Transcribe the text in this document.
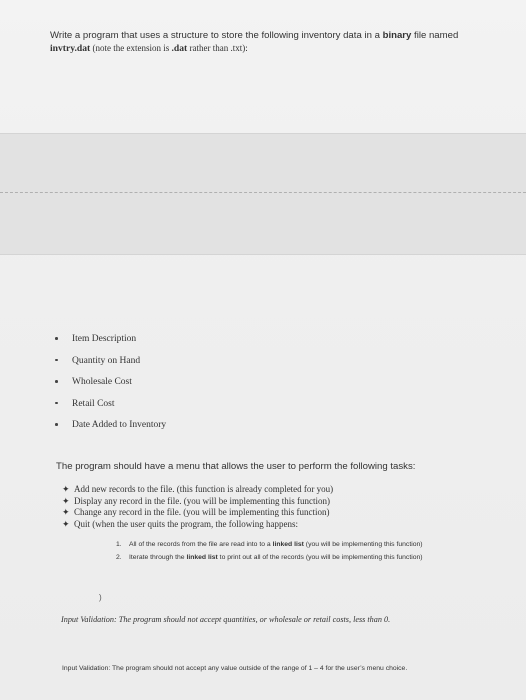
Write a program that uses a structure to store the following inventory data in a binary file named invtry.dat (note the extension is .dat rather than .txt):
Item Description
Quantity on Hand
Wholesale Cost
Retail Cost
Date Added to Inventory
The program should have a menu that allows the user to perform the following tasks:
✦ Add new records to the file. (this function is already completed for you)
✦ Display any record in the file. (you will be implementing this function)
✦ Change any record in the file. (you will be implementing this function)
✦ Quit (when the user quits the program, the following happens:
1. All of the records from the file are read into to a linked list (you will be implementing this function)
2. Iterate through the linked list to print out all of the records (you will be implementing this function)
)
Input Validation: The program should not accept quantities, or wholesale or retail costs, less than 0.
Input Validation: The program should not accept any value outside of the range of 1 – 4 for the user’s menu choice.
